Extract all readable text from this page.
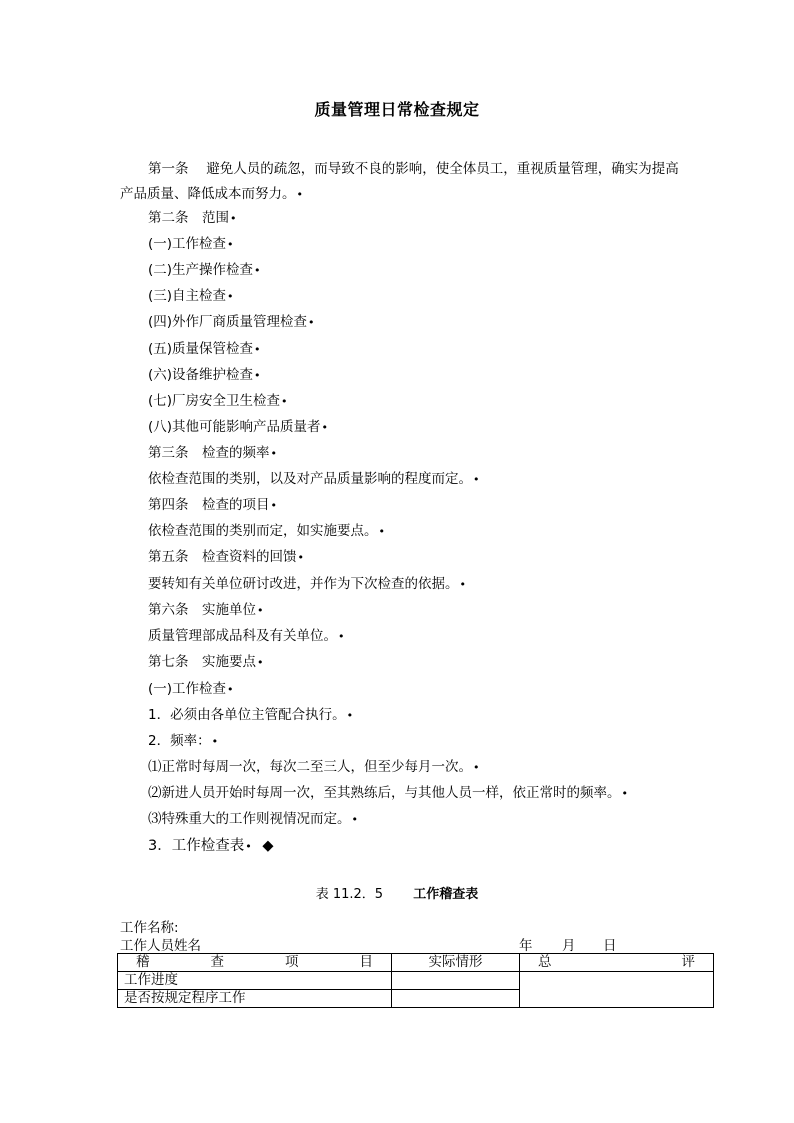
质量管理日常检查规定
第一条　 避免人员的疏忽，而导致不良的影响，使全体员工，重视质量管理，确实为提高产品质量、降低成本而努力。•
第二条　范围•
(一)工作检查•
(二)生产操作检查•
(三)自主检查•
(四)外作厂商质量管理检查•
(五)质量保管检查•
(六)设备维护检查•
(七)厂房安全卫生检查•
(八)其他可能影响产品质量者•
第三条　检查的频率•
依检查范围的类别，以及对产品质量影响的程度而定。•
第四条　检查的项目•
依检查范围的类别而定，如实施要点。•
第五条　检查资料的回馈•
要转知有关单位研讨改进，并作为下次检查的依据。•
第六条　实施单位•
质量管理部成品科及有关单位。•
第七条　实施要点•
(一)工作检查•
1．必须由各单位主管配合执行。•
2．频率：•
⑴正常时每周一次，每次二至三人，但至少每月一次。•
⑵新进人员开始时每周一次，至其熟练后，与其他人员一样，依正常时的频率。•
⑶特殊重大的工作则视情况而定。•
3．工作检查表• ◆
表 11.2．5 工作稽查表
工作名称:
工作人员姓名	年 月 日
稽 查 项 目	实际情形	总 评

工作进度		
是否按规定程序工作		
